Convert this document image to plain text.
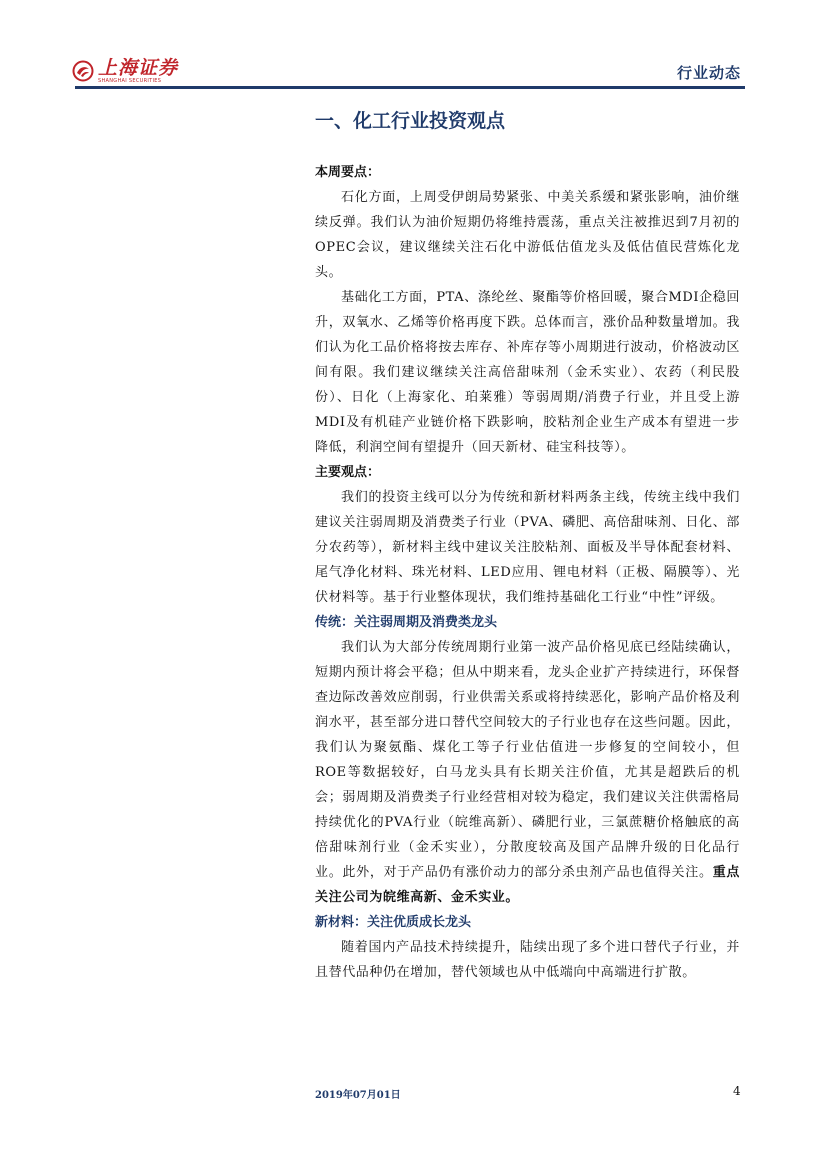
上海证券
SHANGHAI SECURITIES	行业动态
一、化工行业投资观点
本周要点：

石化方面，上周受伊朗局势紧张、中美关系缓和紧张影响，油价继续反弹。我们认为油价短期仍将维持震荡，重点关注被推迟到7月初的OPEC会议，建议继续关注石化中游低估值龙头及低估值民营炼化龙头。

基础化工方面，PTA、涤纶丝、聚酯等价格回暖，聚合MDI企稳回升，双氧水、乙烯等价格再度下跌。总体而言，涨价品种数量增加。我们认为化工品价格将按去库存、补库存等小周期进行波动，价格波动区间有限。我们建议继续关注高倍甜味剂（金禾实业）、农药（利民股份）、日化（上海家化、珀莱雅）等弱周期/消费子行业，并且受上游MDI及有机硅产业链价格下跌影响，胶粘剂企业生产成本有望进一步降低，利润空间有望提升（回天新材、硅宝科技等）。

主要观点：

我们的投资主线可以分为传统和新材料两条主线，传统主线中我们建议关注弱周期及消费类子行业（PVA、磷肥、高倍甜味剂、日化、部分农药等），新材料主线中建议关注胶粘剂、面板及半导体配套材料、尾气净化材料、珠光材料、LED应用、锂电材料（正极、隔膜等）、光伏材料等。基于行业整体现状，我们维持基础化工行业“中性”评级。

传统：关注弱周期及消费类龙头

我们认为大部分传统周期行业第一波产品价格见底已经陆续确认，短期内预计将会平稳；但从中期来看，龙头企业扩产持续进行，环保督查边际改善效应削弱，行业供需关系或将持续恶化，影响产品价格及利润水平，甚至部分进口替代空间较大的子行业也存在这些问题。因此，我们认为聚氨酯、煤化工等子行业估值进一步修复的空间较小，但ROE等数据较好，白马龙头具有长期关注价值，尤其是超跌后的机会；弱周期及消费类子行业经营相对较为稳定，我们建议关注供需格局持续优化的PVA行业（皖维高新）、磷肥行业，三氯蔗糖价格触底的高倍甜味剂行业（金禾实业），分散度较高及国产品牌升级的日化品行业。此外，对于产品仍有涨价动力的部分杀虫剂产品也值得关注。重点关注公司为皖维高新、金禾实业。

新材料：关注优质成长龙头

随着国内产品技术持续提升，陆续出现了多个进口替代子行业，并且替代品种仍在增加，替代领域也从中低端向中高端进行扩散。

2019年07月01日	4
